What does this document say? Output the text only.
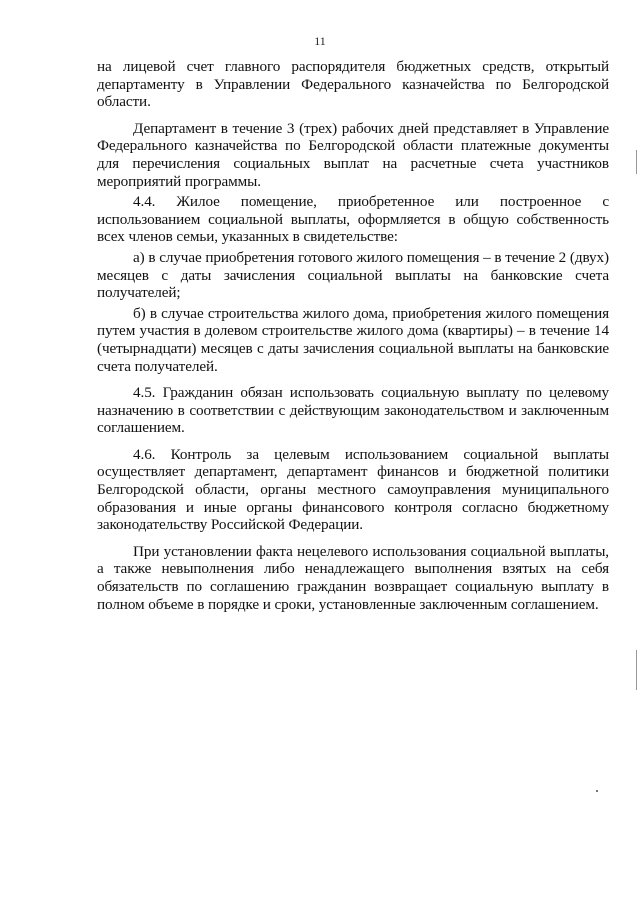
11

на лицевой счет главного распорядителя бюджетных средств, открытый департаменту в Управлении Федерального казначейства по Белгородской области.

Департамент в течение 3 (трех) рабочих дней представляет в Управление Федерального казначейства по Белгородской области платежные документы для перечисления социальных выплат на расчетные счета участников мероприятий программы.

4.4. Жилое помещение, приобретенное или построенное с использованием социальной выплаты, оформляется в общую собственность всех членов семьи, указанных в свидетельстве:

а) в случае приобретения готового жилого помещения – в течение 2 (двух) месяцев с даты зачисления социальной выплаты на банковские счета получателей;

б) в случае строительства жилого дома, приобретения жилого помещения путем участия в долевом строительстве жилого дома (квартиры) – в течение 14 (четырнадцати) месяцев с даты зачисления социальной выплаты на банковские счета получателей.

4.5. Гражданин обязан использовать социальную выплату по целевому назначению в соответствии с действующим законодательством и заключенным соглашением.

4.6. Контроль за целевым использованием социальной выплаты осуществляет департамент, департамент финансов и бюджетной политики Белгородской области, органы местного самоуправления муниципального образования и иные органы финансового контроля согласно бюджетному законодательству Российской Федерации.

При установлении факта нецелевого использования социальной выплаты, а также невыполнения либо ненадлежащего выполнения взятых на себя обязательств по соглашению гражданин возвращает социальную выплату в полном объеме в порядке и сроки, установленные заключенным соглашением.
